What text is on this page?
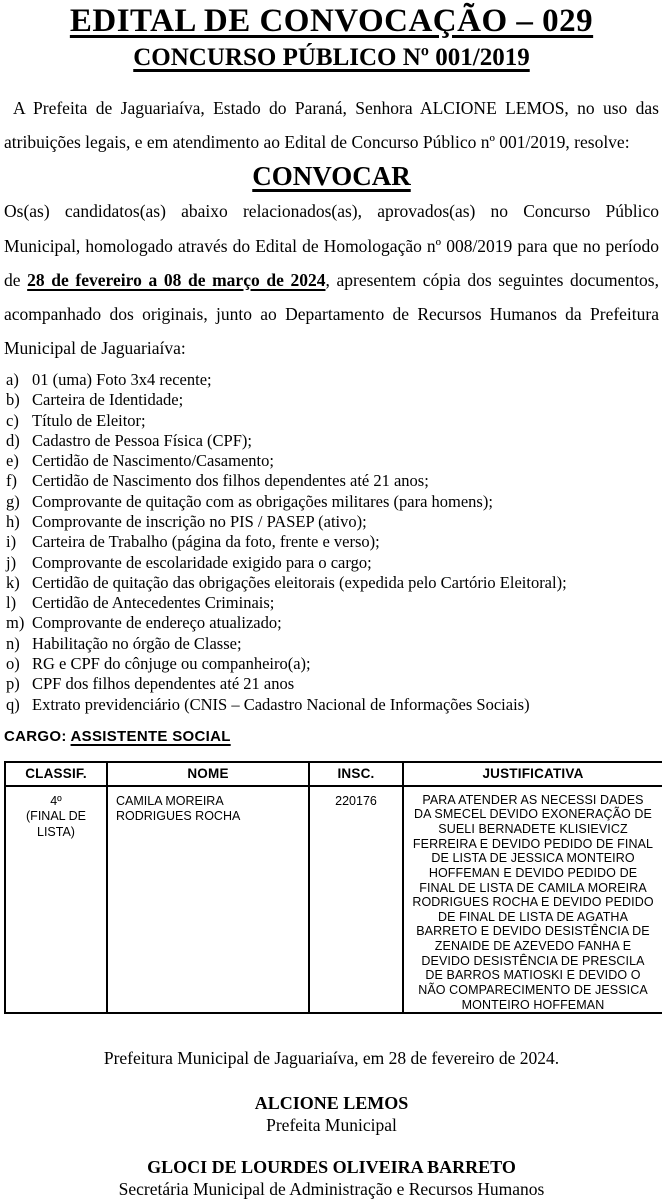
EDITAL DE CONVOCAÇÃO – 029
CONCURSO PÚBLICO Nº 001/2019

A Prefeita de Jaguariaíva, Estado do Paraná, Senhora ALCIONE LEMOS, no uso das atribuições legais, e em atendimento ao Edital de Concurso Público nº 001/2019, resolve:

CONVOCAR

Os(as) candidatos(as) abaixo relacionados(as), aprovados(as) no Concurso Público Municipal, homologado através do Edital de Homologação nº 008/2019 para que no período de 28 de fevereiro a 08 de março de 2024, apresentem cópia dos seguintes documentos, acompanhado dos originais, junto ao Departamento de Recursos Humanos da Prefeitura Municipal de Jaguariaíva:

a) 01 (uma) Foto 3x4 recente;
b) Carteira de Identidade;
c) Título de Eleitor;
d) Cadastro de Pessoa Física (CPF);
e) Certidão de Nascimento/Casamento;
f) Certidão de Nascimento dos filhos dependentes até 21 anos;
g) Comprovante de quitação com as obrigações militares (para homens);
h) Comprovante de inscrição no PIS / PASEP (ativo);
i) Carteira de Trabalho (página da foto, frente e verso);
j) Comprovante de escolaridade exigido para o cargo;
k) Certidão de quitação das obrigações eleitorais (expedida pelo Cartório Eleitoral);
l) Certidão de Antecedentes Criminais;
m) Comprovante de endereço atualizado;
n) Habilitação no órgão de Classe;
o) RG e CPF do cônjuge ou companheiro(a);
p) CPF dos filhos dependentes até 21 anos
q) Extrato previdenciário (CNIS – Cadastro Nacional de Informações Sociais)

CARGO: ASSISTENTE SOCIAL

CLASSIF.	NOME	INSC.	JUSTIFICATIVA

4º
(FINAL DE LISTA)	CAMILA MOREIRA RODRIGUES ROCHA	220176	PARA ATENDER AS NECESSI DADES DA SMECEL DEVIDO EXONERAÇÃO DE SUELI BERNADETE KLISIEVICZ FERREIRA E DEVIDO PEDIDO DE FINAL DE LISTA DE JESSICA MONTEIRO HOFFEMAN E DEVIDO PEDIDO DE FINAL DE LISTA DE CAMILA MOREIRA RODRIGUES ROCHA E DEVIDO PEDIDO DE FINAL DE LISTA DE AGATHA BARRETO E DEVIDO DESISTÊNCIA DE ZENAIDE DE AZEVEDO FANHA E DEVIDO DESISTÊNCIA DE PRESCILA DE BARROS MATIOSKI E DEVIDO O NÃO COMPARECIMENTO DE JESSICA MONTEIRO HOFFEMAN

Prefeitura Municipal de Jaguariaíva, em 28 de fevereiro de 2024.

ALCIONE LEMOS

Prefeita Municipal

GLOCI DE LOURDES OLIVEIRA BARRETO

Secretária Municipal de Administração e Recursos Humanos
